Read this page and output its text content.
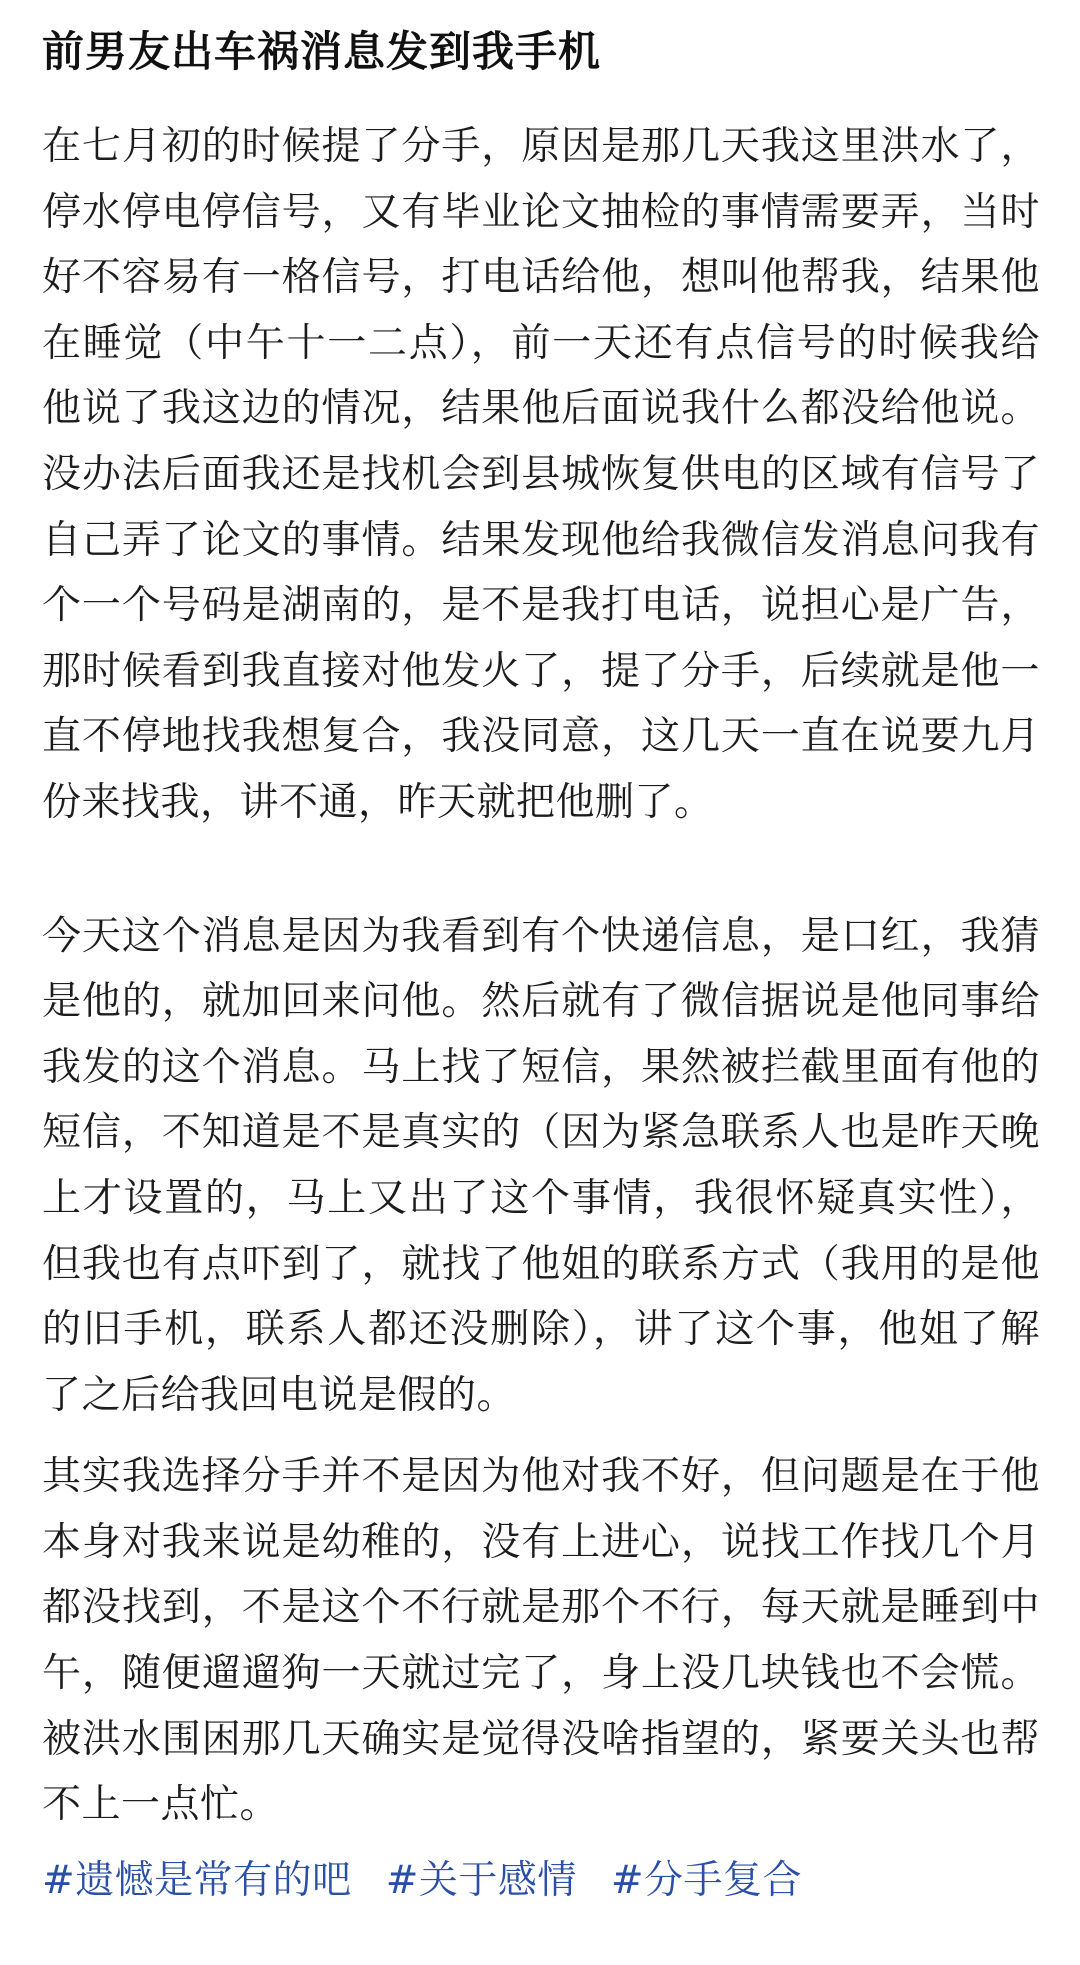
前男友出车祸消息发到我手机

在七月初的时候提了分手，原因是那几天我这里洪水了，停水停电停信号，又有毕业论文抽检的事情需要弄，当时好不容易有一格信号，打电话给他，想叫他帮我，结果他在睡觉（中午十一二点），前一天还有点信号的时候我给他说了我这边的情况，结果他后面说我什么都没给他说。没办法后面我还是找机会到县城恢复供电的区域有信号了自己弄了论文的事情。结果发现他给我微信发消息问我有个一个号码是湖南的，是不是我打电话，说担心是广告，那时候看到我直接对他发火了，提了分手，后续就是他一直不停地找我想复合，我没同意，这几天一直在说要九月份来找我，讲不通，昨天就把他删了。

今天这个消息是因为我看到有个快递信息，是口红，我猜是他的，就加回来问他。然后就有了微信据说是他同事给我发的这个消息。马上找了短信，果然被拦截里面有他的短信，不知道是不是真实的（因为紧急联系人也是昨天晚上才设置的，马上又出了这个事情，我很怀疑真实性），但我也有点吓到了，就找了他姐的联系方式（我用的是他的旧手机，联系人都还没删除），讲了这个事，他姐了解了之后给我回电说是假的。

其实我选择分手并不是因为他对我不好，但问题是在于他本身对我来说是幼稚的，没有上进心，说找工作找几个月都没找到，不是这个不行就是那个不行，每天就是睡到中午，随便遛遛狗一天就过完了，身上没几块钱也不会慌。被洪水围困那几天确实是觉得没啥指望的，紧要关头也帮不上一点忙。

#遗憾是常有的吧 #关于感情 #分手复合
